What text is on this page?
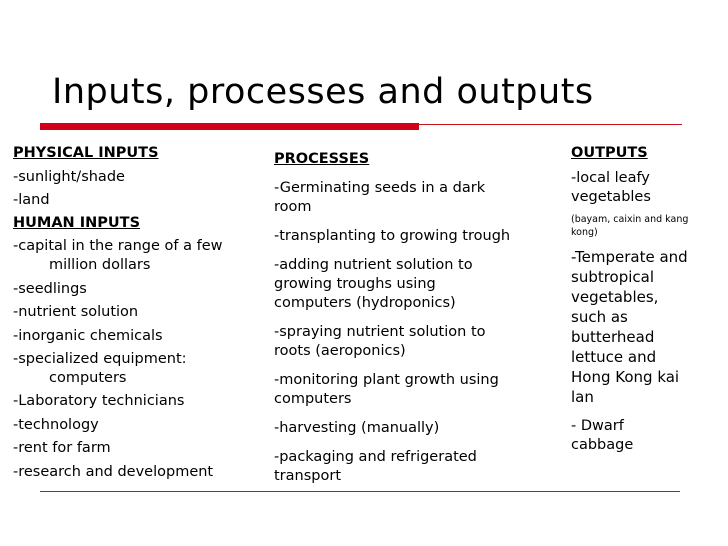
Inputs, processes and outputs
PHYSICAL INPUTS
-sunlight/shade
-land
HUMAN INPUTS
-capital in the range of a few
million dollars
-seedlings
-nutrient solution
-inorganic chemicals
-specialized equipment:
computers
-Laboratory technicians
-technology
-rent for farm
-research and development
PROCESSES
-Germinating seeds in a dark
room
-transplanting to growing trough
-adding nutrient solution to
growing troughs using
computers (hydroponics)
-spraying nutrient solution to
roots (aeroponics)
-monitoring plant growth using
computers
-harvesting (manually)
-packaging and refrigerated
transport
OUTPUTS
-local leafy
vegetables
(bayam, caixin and kang
kong)
-Temperate and
subtropical
vegetables,
such as
butterhead
lettuce and
Hong Kong kai
lan
- Dwarf
cabbage
